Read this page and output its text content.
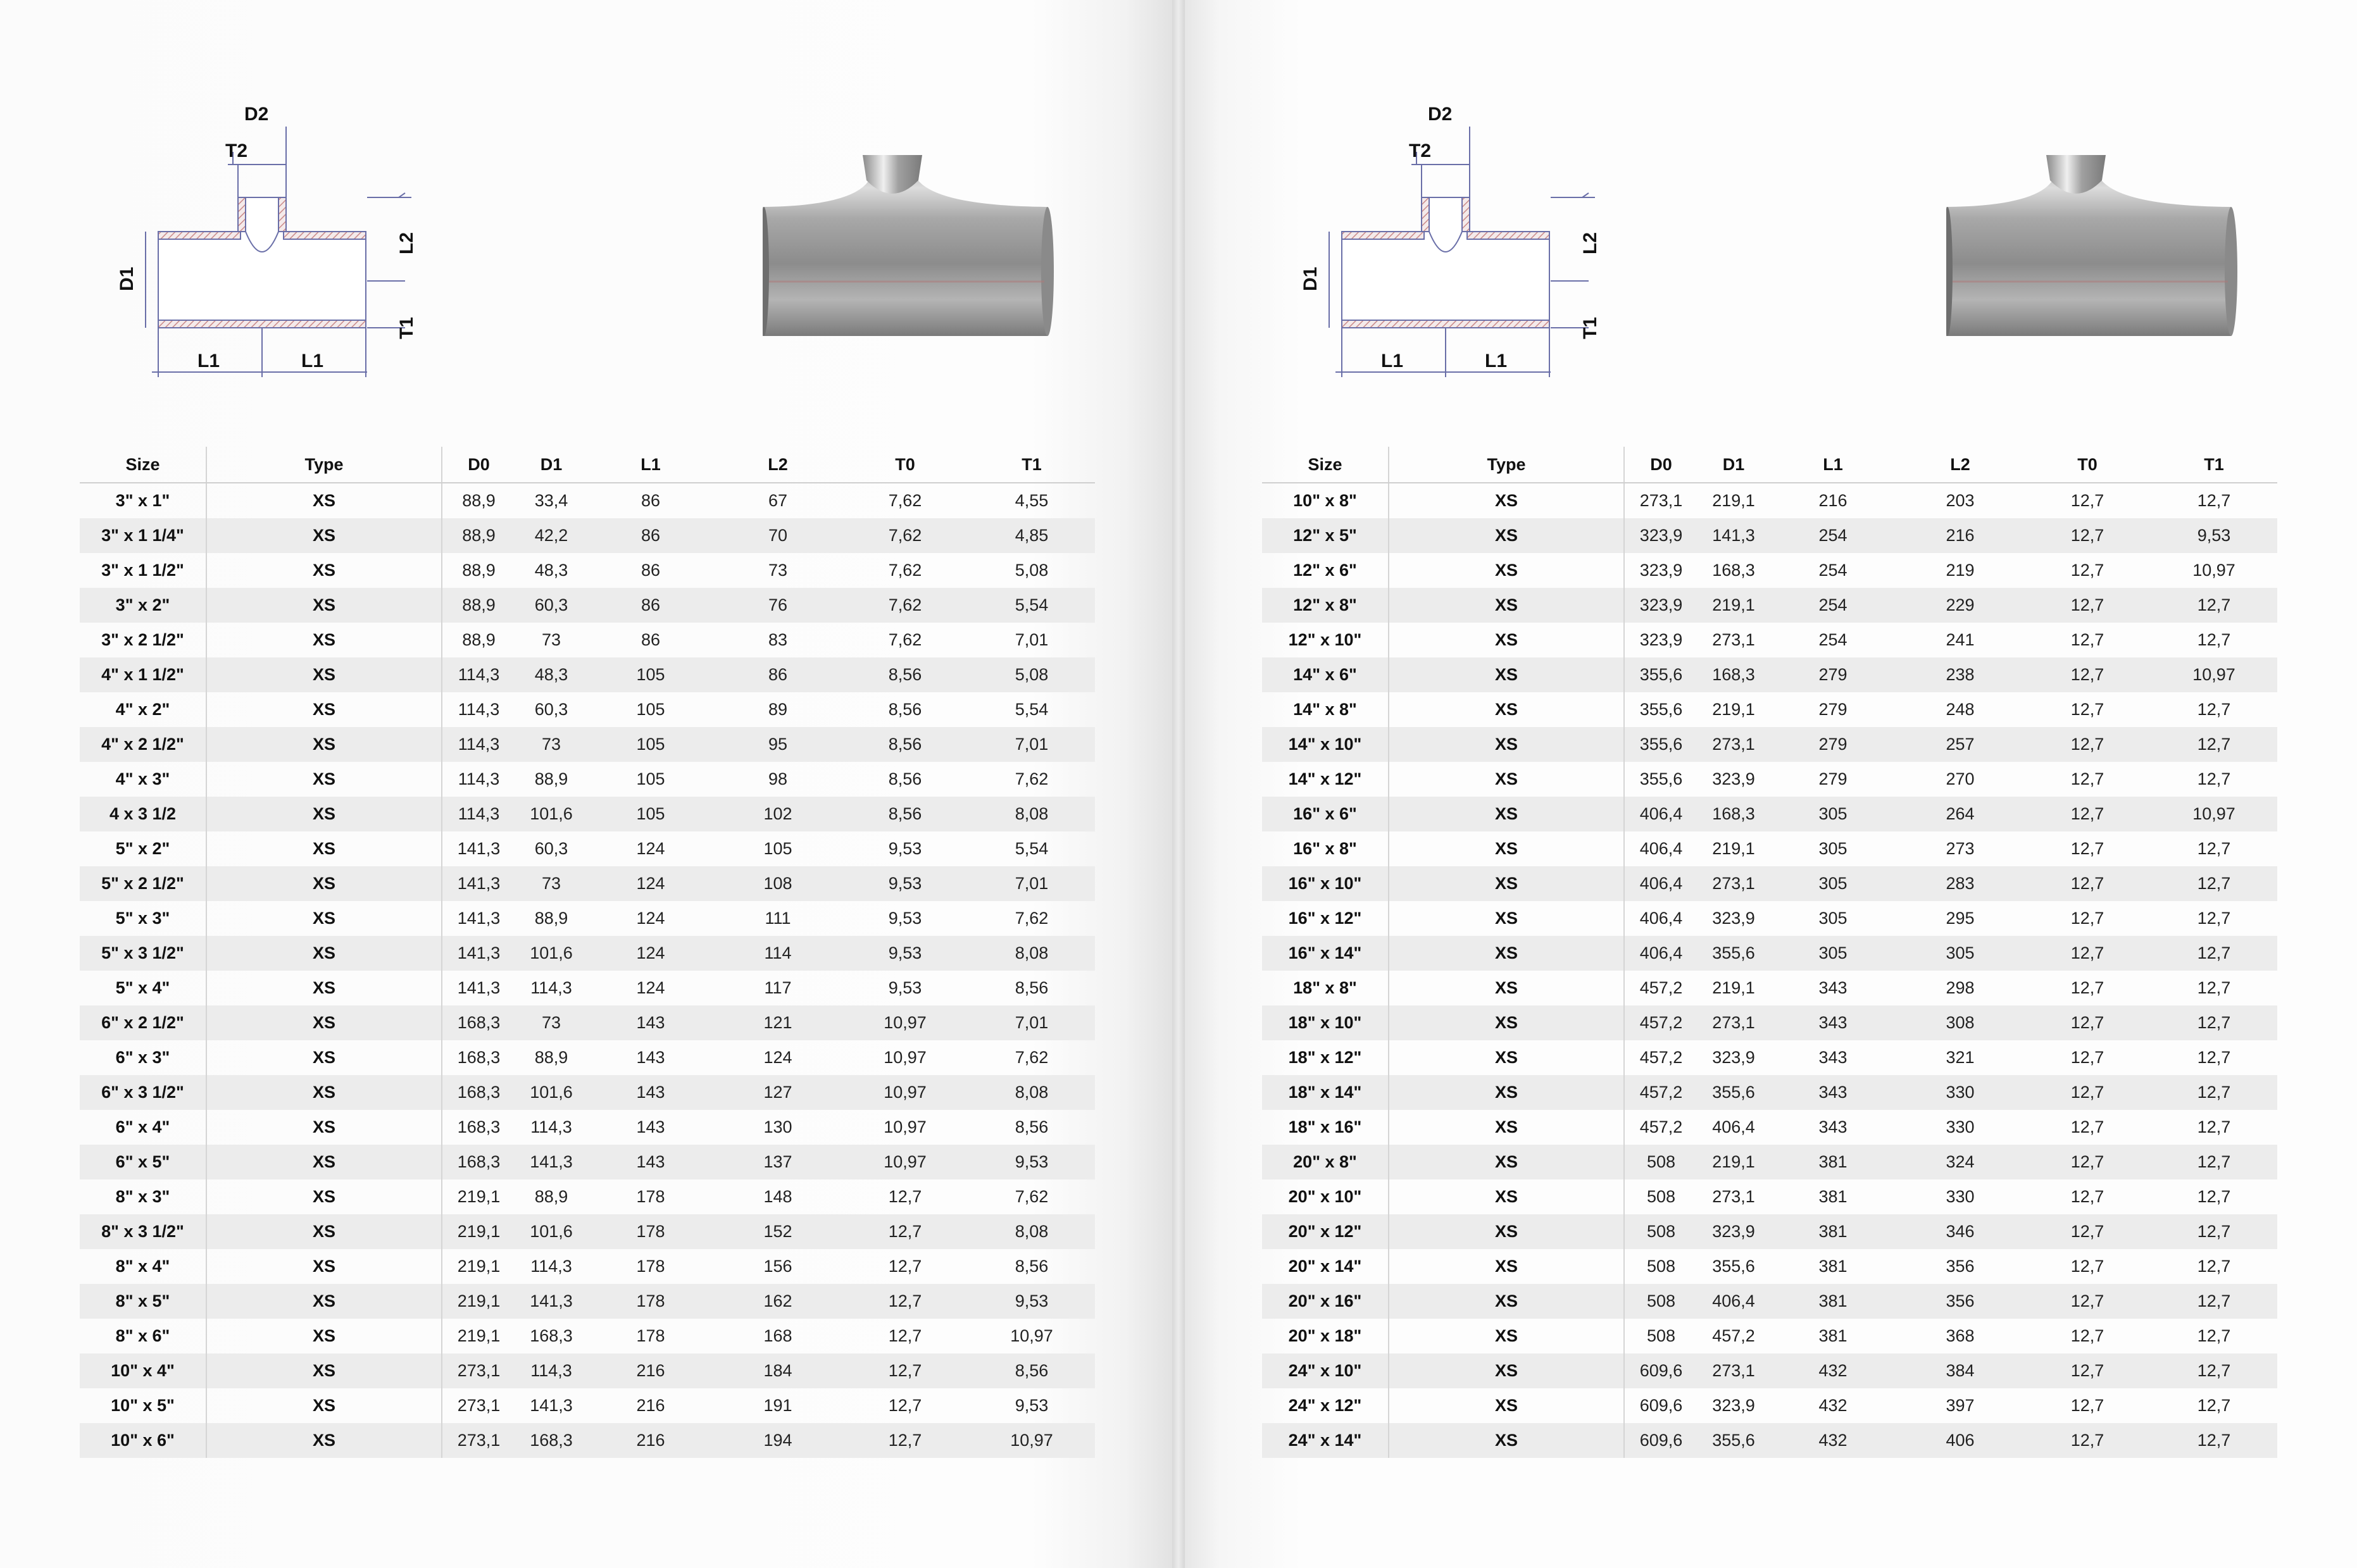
D2
T2
D1
L2
T1
L1	L1
Size	Type	D0	D1	L1	L2	T0	T1
3" x 1"	XS	88,9	33,4	86	67	7,62	4,55
3" x 1 1/4"	XS	88,9	42,2	86	70	7,62	4,85
3" x 1 1/2"	XS	88,9	48,3	86	73	7,62	5,08
3" x 2"	XS	88,9	60,3	86	76	7,62	5,54
3" x 2 1/2"	XS	88,9	73	86	83	7,62	7,01
4" x 1 1/2"	XS	114,3	48,3	105	86	8,56	5,08
4" x 2"	XS	114,3	60,3	105	89	8,56	5,54
4" x 2 1/2"	XS	114,3	73	105	95	8,56	7,01
4" x 3"	XS	114,3	88,9	105	98	8,56	7,62
4 x 3 1/2	XS	114,3	101,6	105	102	8,56	8,08
5" x 2"	XS	141,3	60,3	124	105	9,53	5,54
5" x 2 1/2"	XS	141,3	73	124	108	9,53	7,01
5" x 3"	XS	141,3	88,9	124	111	9,53	7,62
5" x 3 1/2"	XS	141,3	101,6	124	114	9,53	8,08
5" x 4"	XS	141,3	114,3	124	117	9,53	8,56
6" x 2 1/2"	XS	168,3	73	143	121	10,97	7,01
6" x 3"	XS	168,3	88,9	143	124	10,97	7,62
6" x 3 1/2"	XS	168,3	101,6	143	127	10,97	8,08
6" x 4"	XS	168,3	114,3	143	130	10,97	8,56
6" x 5"	XS	168,3	141,3	143	137	10,97	9,53
8" x 3"	XS	219,1	88,9	178	148	12,7	7,62
8" x 3 1/2"	XS	219,1	101,6	178	152	12,7	8,08
8" x 4"	XS	219,1	114,3	178	156	12,7	8,56
8" x 5"	XS	219,1	141,3	178	162	12,7	9,53
8" x 6"	XS	219,1	168,3	178	168	12,7	10,97
10" x 4"	XS	273,1	114,3	216	184	12,7	8,56
10" x 5"	XS	273,1	141,3	216	191	12,7	9,53
10" x 6"	XS	273,1	168,3	216	194	12,7	10,97
Size	Type	D0	D1	L1	L2	T0	T1
10" x 8"	XS	273,1	219,1	216	203	12,7	12,7
12" x 5"	XS	323,9	141,3	254	216	12,7	9,53
12" x 6"	XS	323,9	168,3	254	219	12,7	10,97
12" x 8"	XS	323,9	219,1	254	229	12,7	12,7
12" x 10"	XS	323,9	273,1	254	241	12,7	12,7
14" x 6"	XS	355,6	168,3	279	238	12,7	10,97
14" x 8"	XS	355,6	219,1	279	248	12,7	12,7
14" x 10"	XS	355,6	273,1	279	257	12,7	12,7
14" x 12"	XS	355,6	323,9	279	270	12,7	12,7
16" x 6"	XS	406,4	168,3	305	264	12,7	10,97
16" x 8"	XS	406,4	219,1	305	273	12,7	12,7
16" x 10"	XS	406,4	273,1	305	283	12,7	12,7
16" x 12"	XS	406,4	323,9	305	295	12,7	12,7
16" x 14"	XS	406,4	355,6	305	305	12,7	12,7
18" x 8"	XS	457,2	219,1	343	298	12,7	12,7
18" x 10"	XS	457,2	273,1	343	308	12,7	12,7
18" x 12"	XS	457,2	323,9	343	321	12,7	12,7
18" x 14"	XS	457,2	355,6	343	330	12,7	12,7
18" x 16"	XS	457,2	406,4	343	330	12,7	12,7
20" x 8"	XS	508	219,1	381	324	12,7	12,7
20" x 10"	XS	508	273,1	381	330	12,7	12,7
20" x 12"	XS	508	323,9	381	346	12,7	12,7
20" x 14"	XS	508	355,6	381	356	12,7	12,7
20" x 16"	XS	508	406,4	381	356	12,7	12,7
20" x 18"	XS	508	457,2	381	368	12,7	12,7
24" x 10"	XS	609,6	273,1	432	384	12,7	12,7
24" x 12"	XS	609,6	323,9	432	397	12,7	12,7
24" x 14"	XS	609,6	355,6	432	406	12,7	12,7
D2
T2
D1
L2
T1
L1	L1
